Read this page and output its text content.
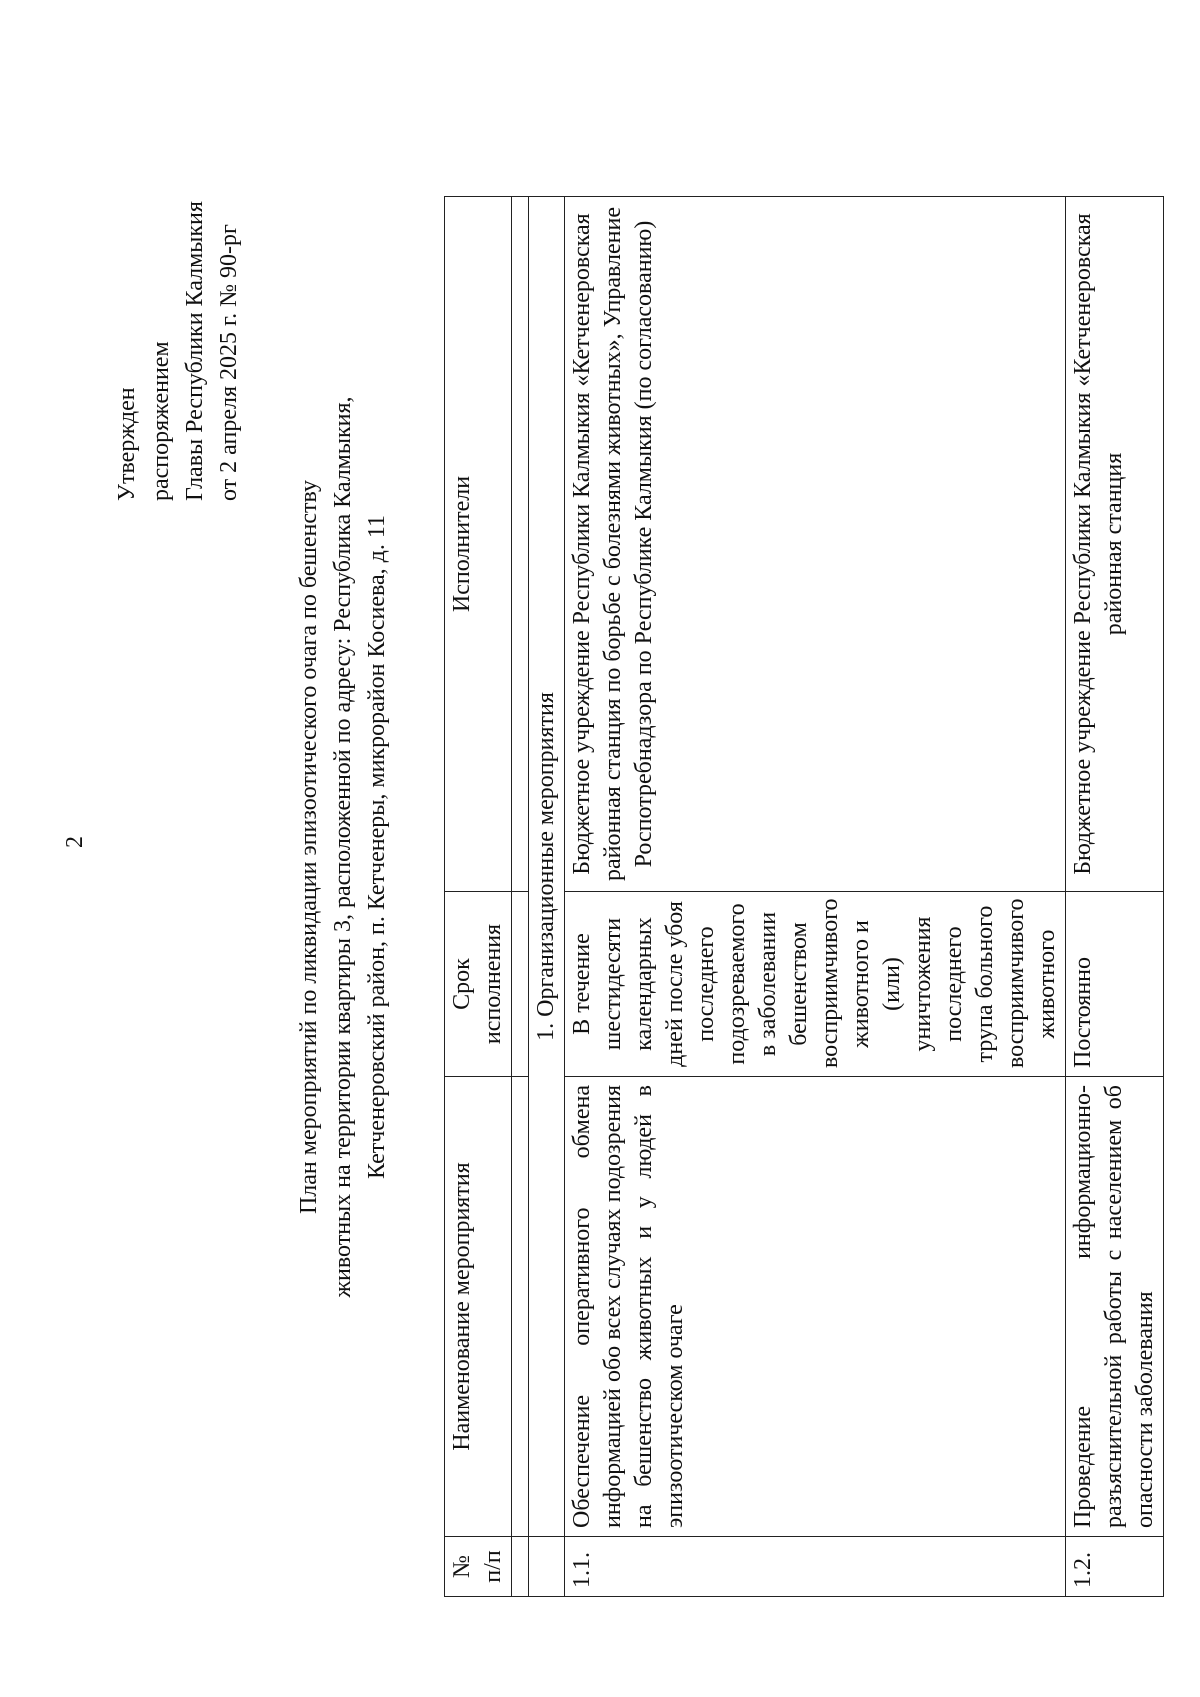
2
Утвержден распоряжением Главы Республики Калмыкия от 2 апреля 2025 г. № 90-рг
План мероприятий по ликвидации эпизоотического очага по бешенству животных на территории квартиры 3, расположенной по адресу: Республика Калмыкия, Кетченеровский район, п. Кетченеры, микрорайон Косиева, д. 11
№ п/п	Наименование мероприятия	Срок исполнения	Исполнители

	1. Организационные мероприятия		
1.1.	Обеспечение оперативного обмена информацией обо всех случаях подозрения на бешенство животных и у людей в эпизоотическом очаге	В течение шестидесяти календарных дней после убоя последнего подозреваемого в заболевании бешенством восприимчивого животного и (или) уничтожения последнего трупа больного восприимчивого животного	Бюджетное учреждение Республики Калмыкия «Кетченеровская районная станция по борьбе с болезнями животных», Управление Роспотребнадзора по Республике Калмыкия (по согласованию)
1.2.	Проведение информационно-разъяснительной работы с населением об опасности заболевания	Постоянно	Бюджетное учреждение Республики Калмыкия «Кетченеровская районная станция
